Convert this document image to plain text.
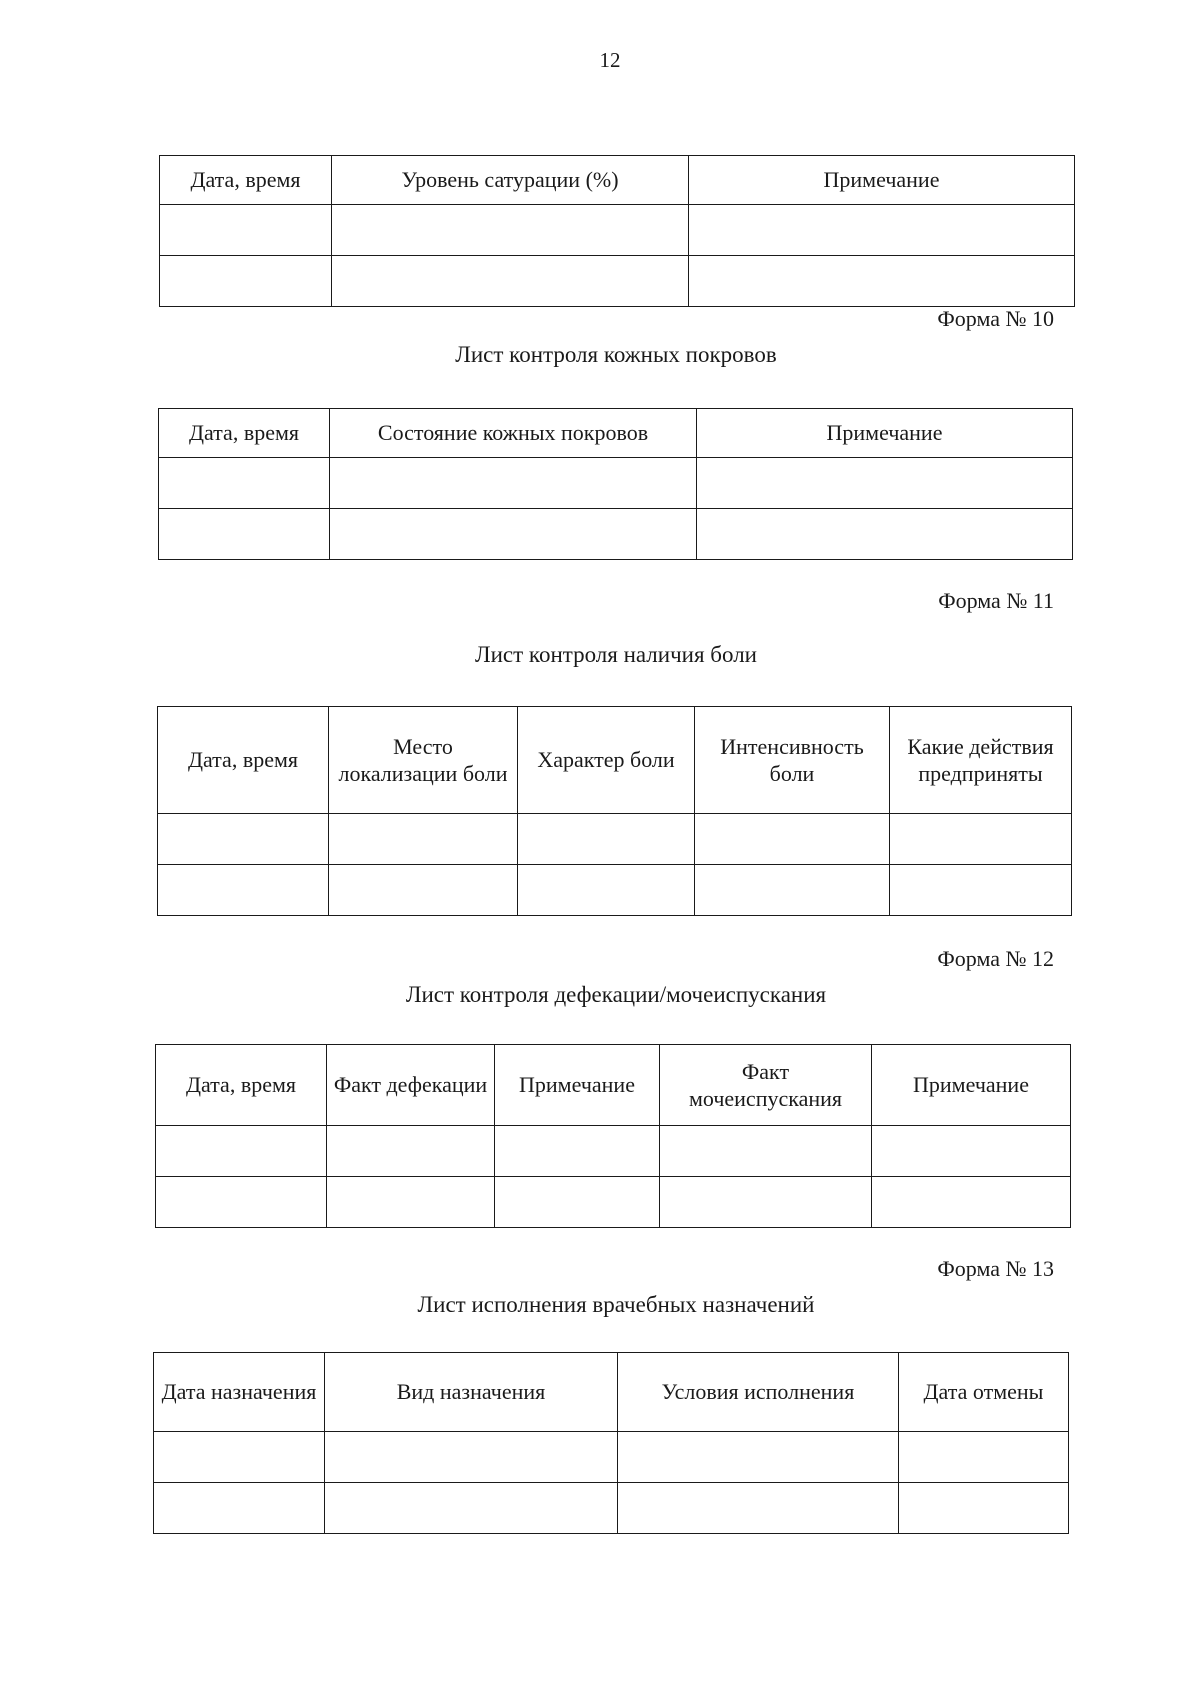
12
Дата, время	Уровень сатурации (%)	Примечание

Форма № 10
Лист контроля кожных покровов
Дата, время	Состояние кожных покровов	Примечание

Форма № 11
Лист контроля наличия боли
Дата, время	Место локализации боли	Характер боли	Интенсивность боли	Какие действия предприняты

Форма № 12
Лист контроля дефекации/мочеиспускания
Дата, время	Факт дефекации	Примечание	Факт мочеиспускания	Примечание

Форма № 13
Лист исполнения врачебных назначений
Дата назначения	Вид назначения	Условия исполнения	Дата отмены
